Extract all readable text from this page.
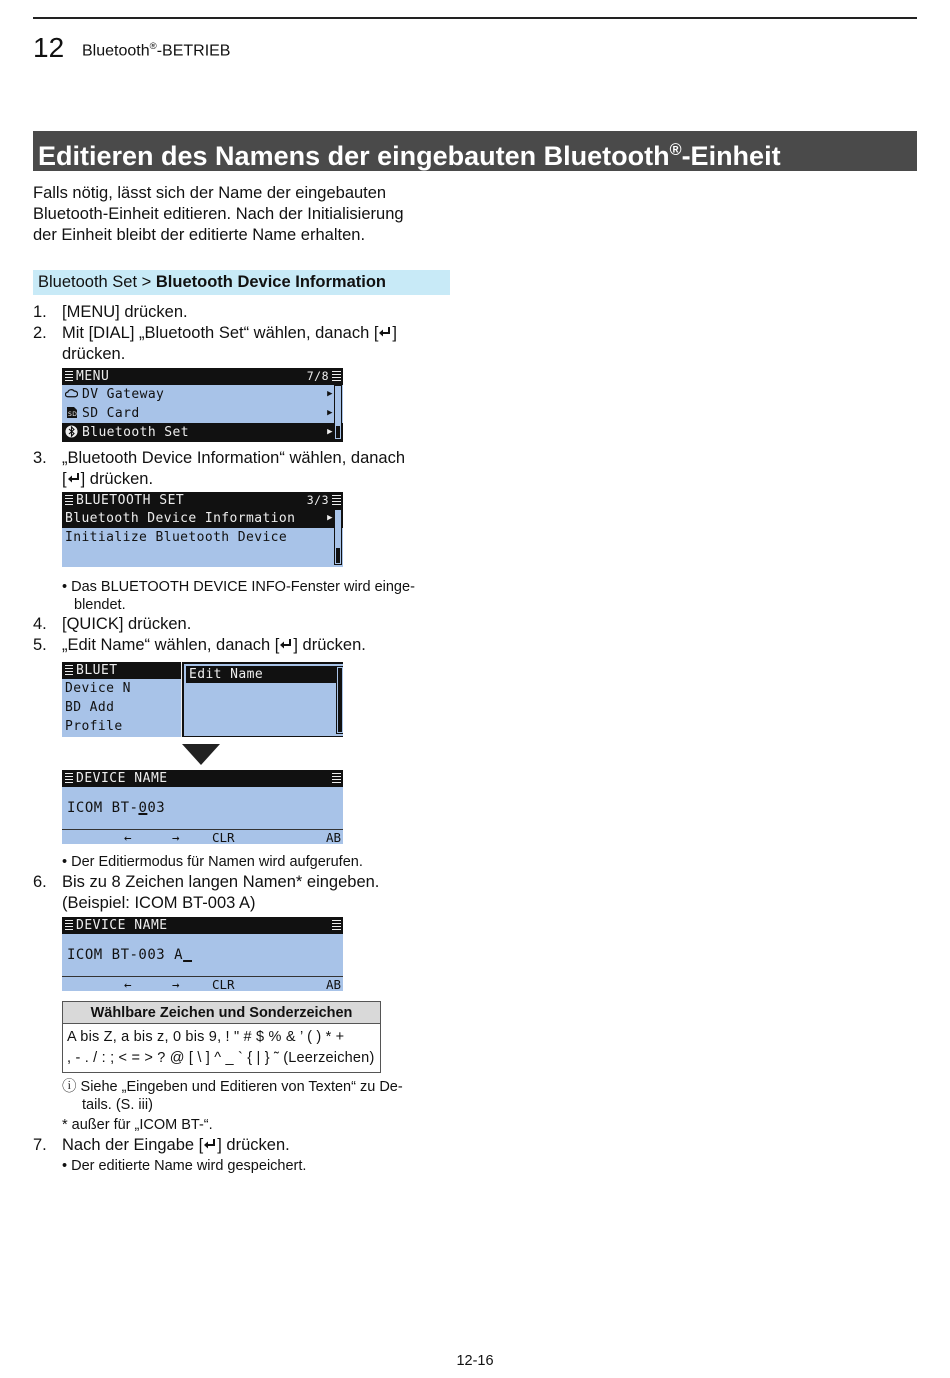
12 Bluetooth®-BETRIEB
Editieren des Namens der eingebauten Bluetooth®-Einheit
Falls nötig, lässt sich der Name der eingebauten
Bluetooth-Einheit editieren. Nach der Initialisierung
der Einheit bleibt der editierte Name erhalten.
Bluetooth Set > Bluetooth Device Information
1. [MENU] drücken.
2. Mit [DIAL] „Bluetooth Set“ wählen, danach [ ]
drücken.
MENU	7/8
DV Gateway	▶
SD SD Card	▶
Bluetooth Set	▶
3. „Bluetooth Device Information“ wählen, danach
[ ] drücken.
BLUETOOTH SET	3/3
Bluetooth Device Information	▶
Initialize Bluetooth Device
• Das BLUETOOTH DEVICE INFO-Fenster wird einge-
blendet.
4. [QUICK] drücken.
5. „Edit Name“ wählen, danach [ ] drücken.
BLUET
Device N
BD Add
Profile
Edit Name
DEVICE NAME
ICOM BT-003
←	→	CLR	AB
• Der Editiermodus für Namen wird aufgerufen.
6. Bis zu 8 Zeichen langen Namen* eingeben.
(Beispiel: ICOM BT-003 A)
DEVICE NAME
ICOM BT-003 A
←	→	CLR	AB
Wählbare Zeichen und Sonderzeichen

A bis Z, a bis z, 0 bis 9, ! " # $ % & ’ ( ) * +
, - . / : ; < = > ? @ [ \ ] ^ _ ` { | } ˜ (Leerzeichen)
ⓘ Siehe „Eingeben und Editieren von Texten“ zu De-
tails. (S. iii)
* außer für „ICOM BT-“.
7. Nach der Eingabe [ ] drücken.
• Der editierte Name wird gespeichert.
12-16
